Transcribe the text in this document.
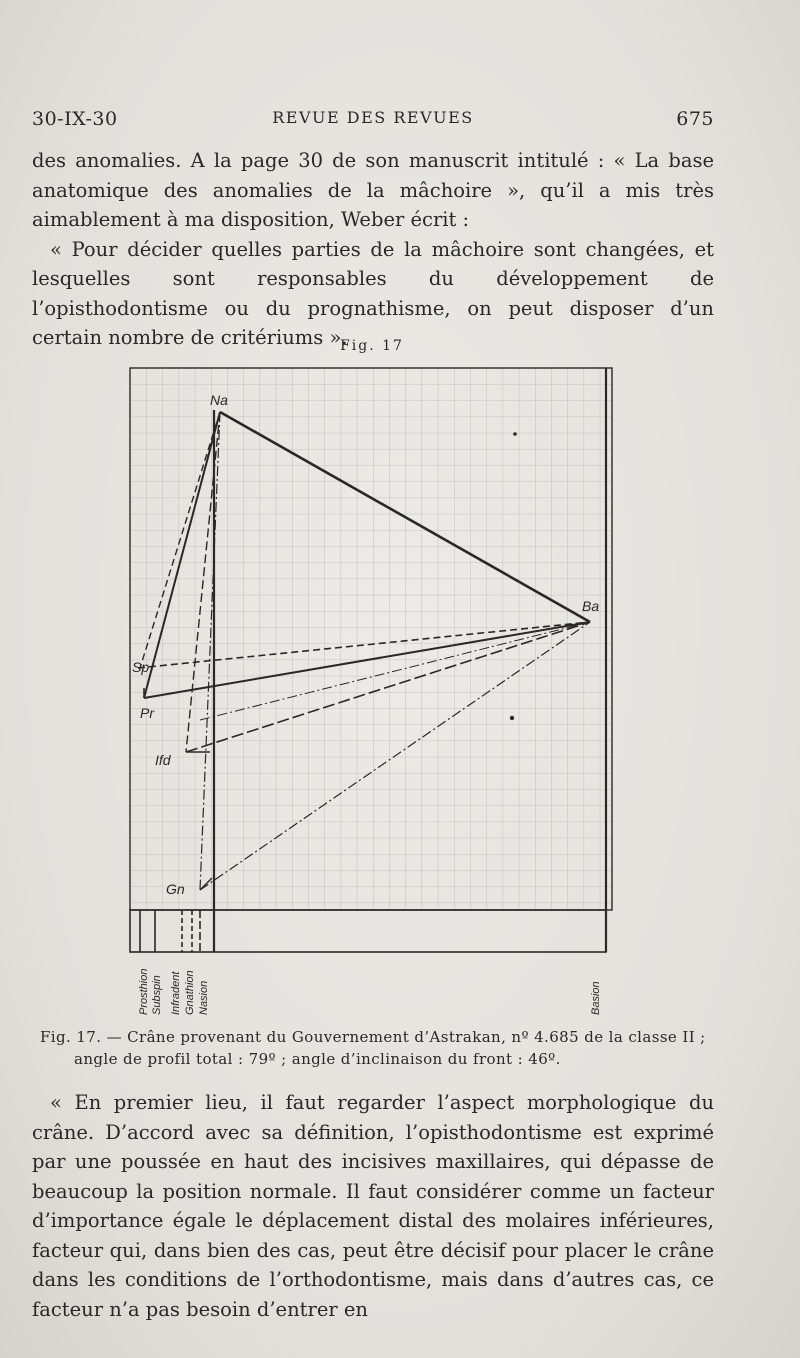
30-IX-30	REVUE DES REVUES	675

des anomalies. A la page 30 de son manuscrit intitulé : « La base anatomique des anomalies de la mâchoire », qu’il a mis très aimablement à ma disposition, Weber écrit :

« Pour décider quelles parties de la mâchoire sont changées, et lesquelles sont responsables du développement de l’opisthodontisme ou du prognathisme, on peut disposer d’un certain nombre de critériums ».

Fig. 17
Na
Ba
Sp
Pr
Ifd
Gn
Prosthion Subspin Infradent Gnathion Nasion	Basion

Fig. 17. — Crâne provenant du Gouvernement d’Astrakan, nº 4.685 de la classe II ;

angle de profil total : 79º ; angle d’inclinaison du front : 46º.

« En premier lieu, il faut regarder l’aspect morphologique du crâne. D’accord avec sa définition, l’opisthodontisme est exprimé par une poussée en haut des incisives maxillaires, qui dépasse de beaucoup la position normale. Il faut considérer comme un facteur d’importance égale le déplacement distal des molaires inférieures, facteur qui, dans bien des cas, peut être décisif pour placer le crâne dans les conditions de l’orthodontisme, mais dans d’autres cas, ce facteur n’a pas besoin d’entrer en
